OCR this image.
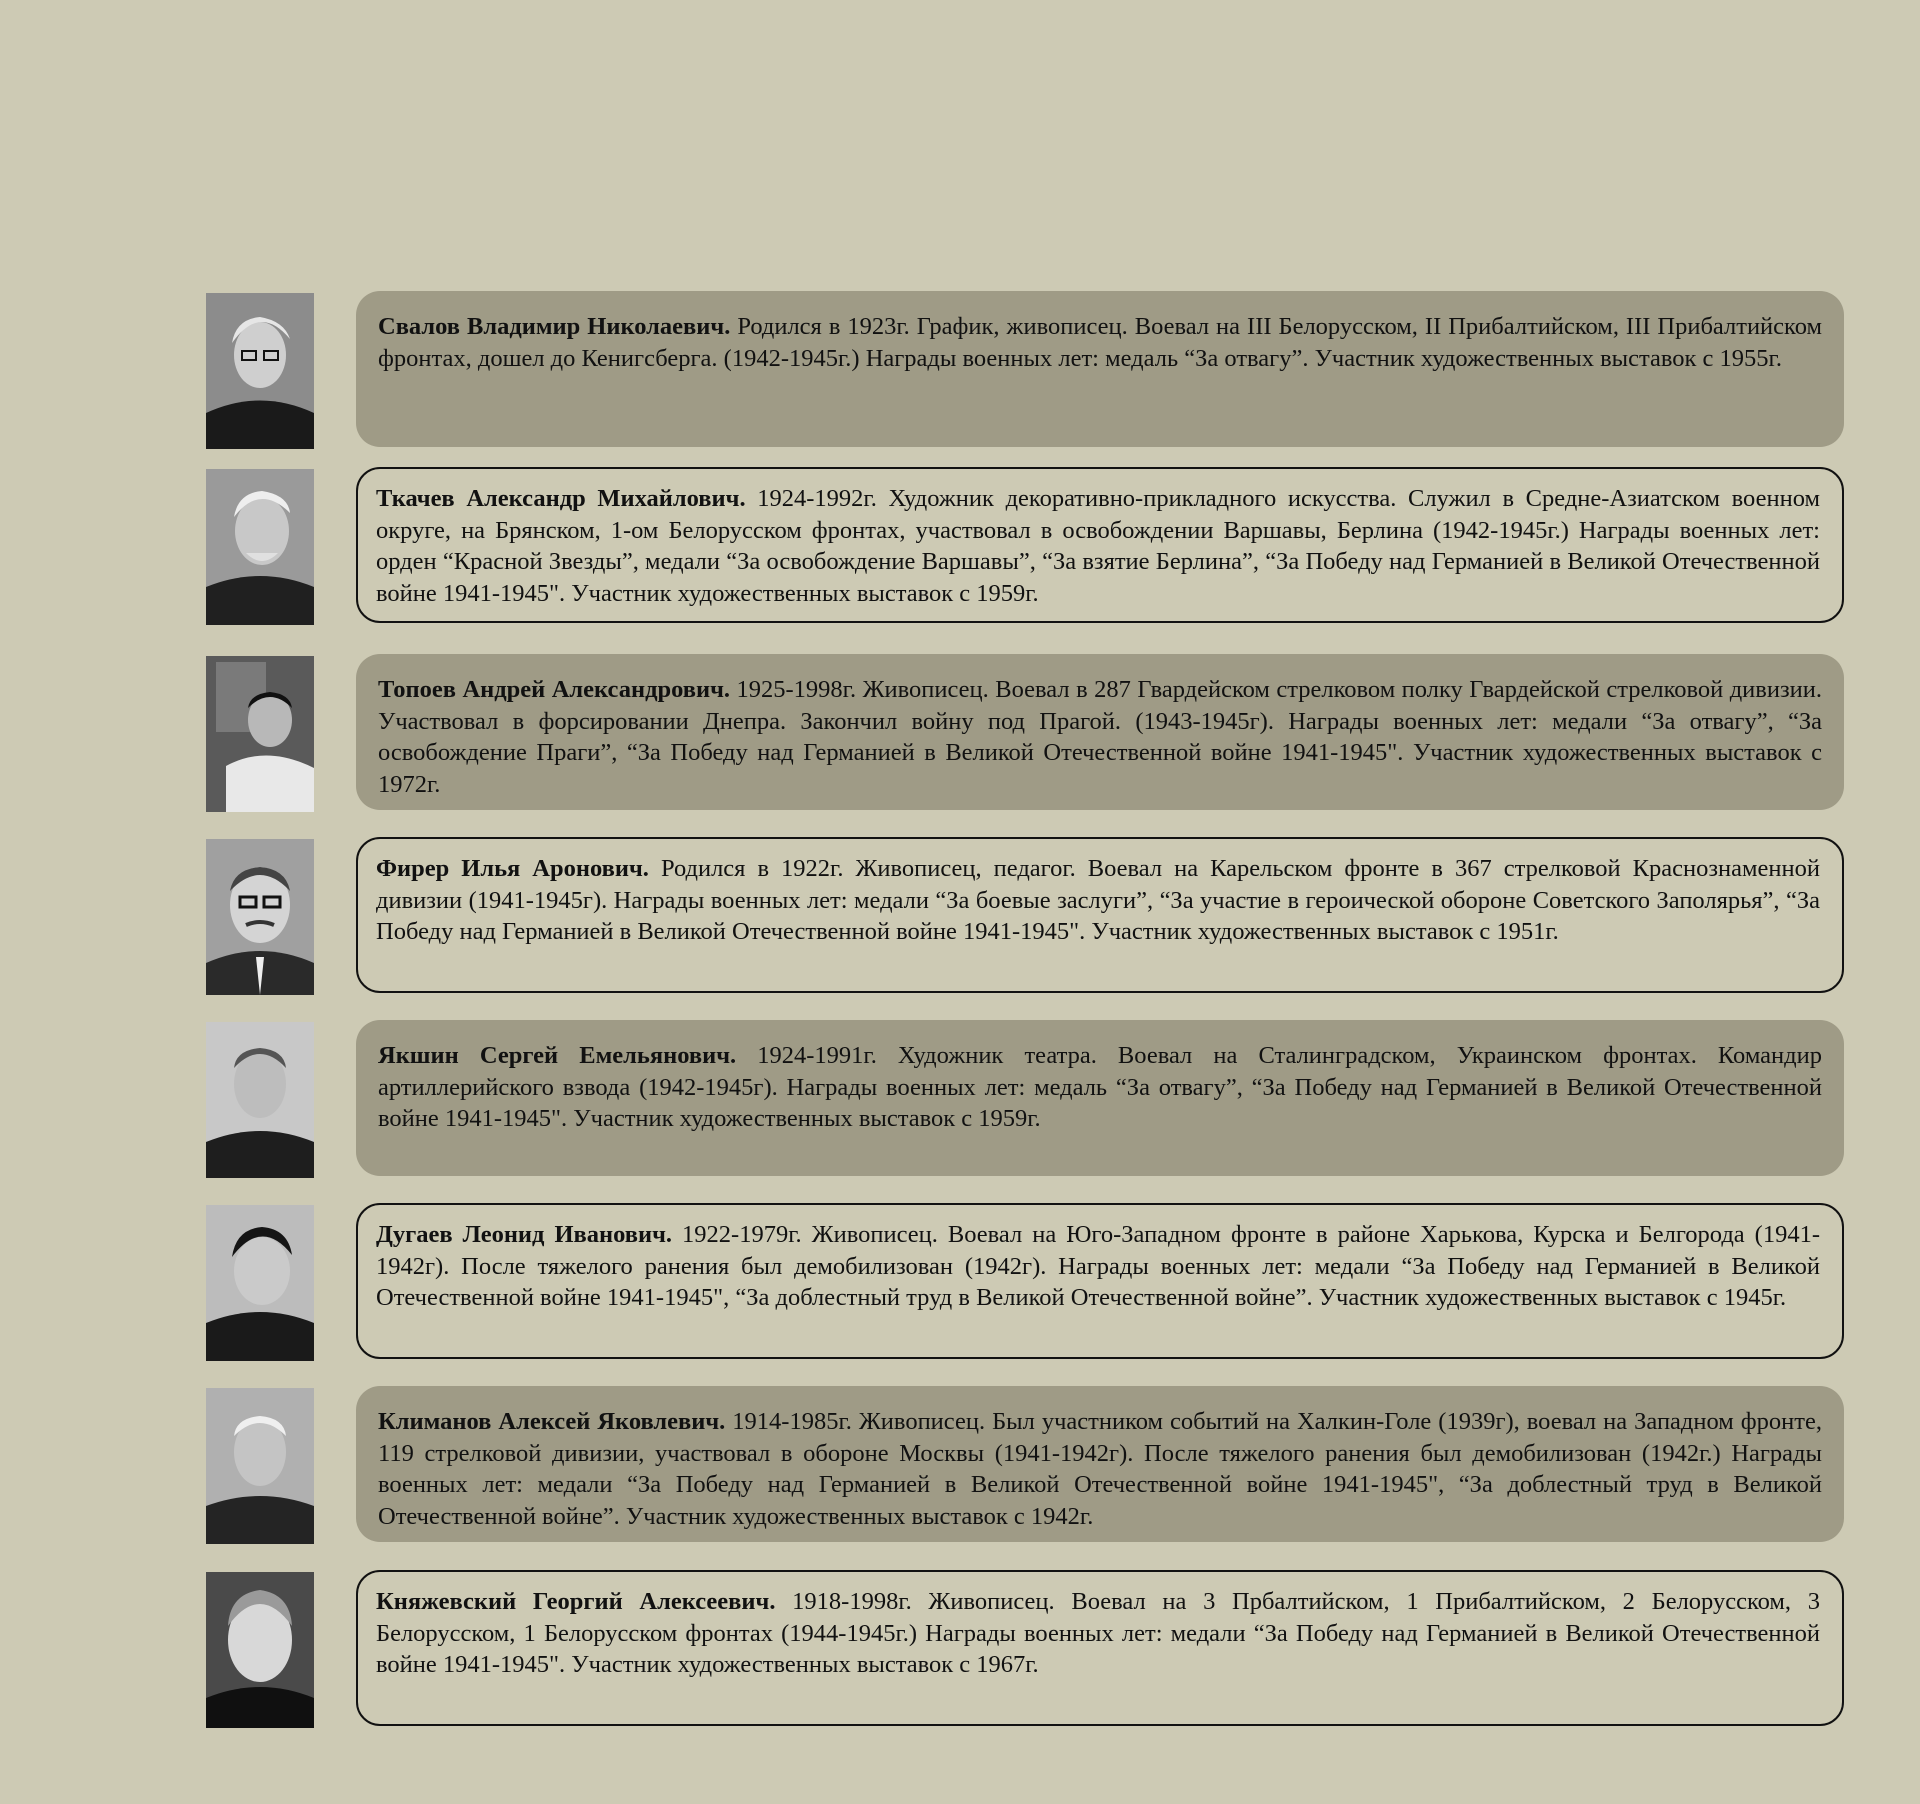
Свалов Владимир Николаевич. Родился в 1923г. График, живописец. Воевал на III Белорусском, II Прибалтийском, III Прибалтийском фронтах, дошел до Кенигсберга. (1942-1945г.) Награды военных лет: медаль “За отвагу”. Участник художественных выставок с 1955г.
Ткачев Александр Михайлович. 1924-1992г. Художник декоративно-прикладного искусства. Служил в Средне-Азиатском военном округе, на Брянском, 1-ом Белорусском фронтах, участвовал в освобождении Варшавы, Берлина (1942-1945г.) Награды военных лет: орден “Красной Звезды”, медали “За освобождение Варшавы”, “За взятие Берлина”, “За Победу над Германией в Великой Отечественной войне 1941-1945". Участник художественных выставок с 1959г.
Топоев Андрей Александрович. 1925-1998г. Живописец. Воевал в 287 Гвардейском стрелковом полку Гвардейской стрелковой дивизии. Участвовал в форсировании Днепра. Закончил войну под Прагой. (1943-1945г). Награды военных лет: медали “За отвагу”, “За освобождение Праги”, “За Победу над Германией в Великой Отечественной войне 1941-1945". Участник художественных выставок с 1972г.
Фирер Илья Аронович. Родился в 1922г. Живописец, педагог. Воевал на Карельском фронте в 367 стрелковой Краснознаменной дивизии (1941-1945г). Награды военных лет: медали “За боевые заслуги”, “За участие в героической обороне Советского Заполярья”, “За Победу над Германией в Великой Отечественной войне 1941-1945". Участник художественных выставок с 1951г.
Якшин Сергей Емельянович. 1924-1991г. Художник театра. Воевал на Сталинградском, Украинском фронтах. Командир артиллерийского взвода (1942-1945г). Награды военных лет: медаль “За отвагу”, “За Победу над Германией в Великой Отечественной войне 1941-1945". Участник художественных выставок с 1959г.
Дугаев Леонид Иванович. 1922-1979г. Живописец. Воевал на Юго-Западном фронте в районе Харькова, Курска и Белгорода (1941-1942г). После тяжелого ранения был демобилизован (1942г). Награды военных лет: медали “За Победу над Германией в Великой Отечественной войне 1941-1945", “За доблестный труд в Великой Отечественной войне”. Участник художественных выставок с 1945г.
Климанов Алексей Яковлевич. 1914-1985г. Живописец. Был участником событий на Халкин-Голе (1939г), воевал на Западном фронте, 119 стрелковой дивизии, участвовал в обороне Москвы (1941-1942г). После тяжелого ранения был демобилизован (1942г.) Награды военных лет: медали “За Победу над Германией в Великой Отечественной войне 1941-1945", “За доблестный труд в Великой Отечественной войне”. Участник художественных выставок с 1942г.
Княжевский Георгий Алексеевич. 1918-1998г. Живописец. Воевал на 3 Прбалтийском, 1 Прибалтийском, 2 Белорусском, 3 Белорусском, 1 Белорусском фронтах (1944-1945г.) Награды военных лет: медали “За Победу над Германией в Великой Отечественной войне 1941-1945". Участник художественных выставок с 1967г.
